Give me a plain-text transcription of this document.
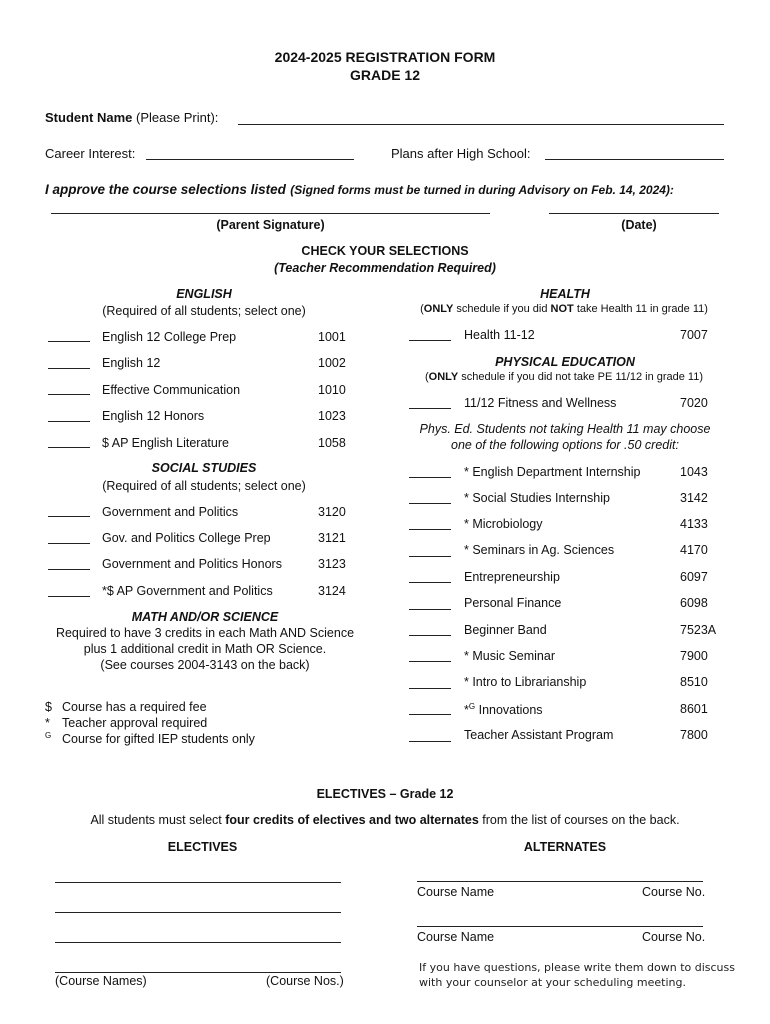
2024-2025 REGISTRATION FORM
GRADE 12
Student Name (Please Print):
Career Interest:	Plans after High School:
I approve the course selections listed (Signed forms must be turned in during Advisory on Feb. 14, 2024):
(Parent Signature)	(Date)
CHECK YOUR SELECTIONS
(Teacher Recommendation Required)
ENGLISH
(Required of all students; select one)
English 12 College Prep	1001
English 12	1002
Effective Communication	1010
English 12 Honors	1023
$ AP English Literature	1058
SOCIAL STUDIES
(Required of all students; select one)
Government and Politics	3120
Gov. and Politics College Prep	3121
Government and Politics Honors	3123
*$ AP Government and Politics	3124
MATH AND/OR SCIENCE
Required to have 3 credits in each Math AND Science
plus 1 additional credit in Math OR Science.
(See courses 2004-3143 on the back)
$ Course has a required fee
* Teacher approval required
G Course for gifted IEP students only
HEALTH
(ONLY schedule if you did NOT take Health 11 in grade 11)
Health 11-12	7007
PHYSICAL EDUCATION
(ONLY schedule if you did not take PE 11/12 in grade 11)
11/12 Fitness and Wellness	7020
Phys. Ed. Students not taking Health 11 may choose
one of the following options for .50 credit:
* English Department Internship	1043
* Social Studies Internship	3142
* Microbiology	4133
* Seminars in Ag. Sciences	4170
Entrepreneurship	6097
Personal Finance	6098
Beginner Band	7523A
* Music Seminar	7900
* Intro to Librarianship	8510
*$^G$ Innovations	8601
Teacher Assistant Program	7800
ELECTIVES – Grade 12
All students must select four credits of electives and two alternates from the list of courses on the back.
ELECTIVES	ALTERNATES
(Course Names)	(Course Nos.)
Course Name	Course No.
Course Name	Course No.
If you have questions, please write them down to discuss
with your counselor at your scheduling meeting.
